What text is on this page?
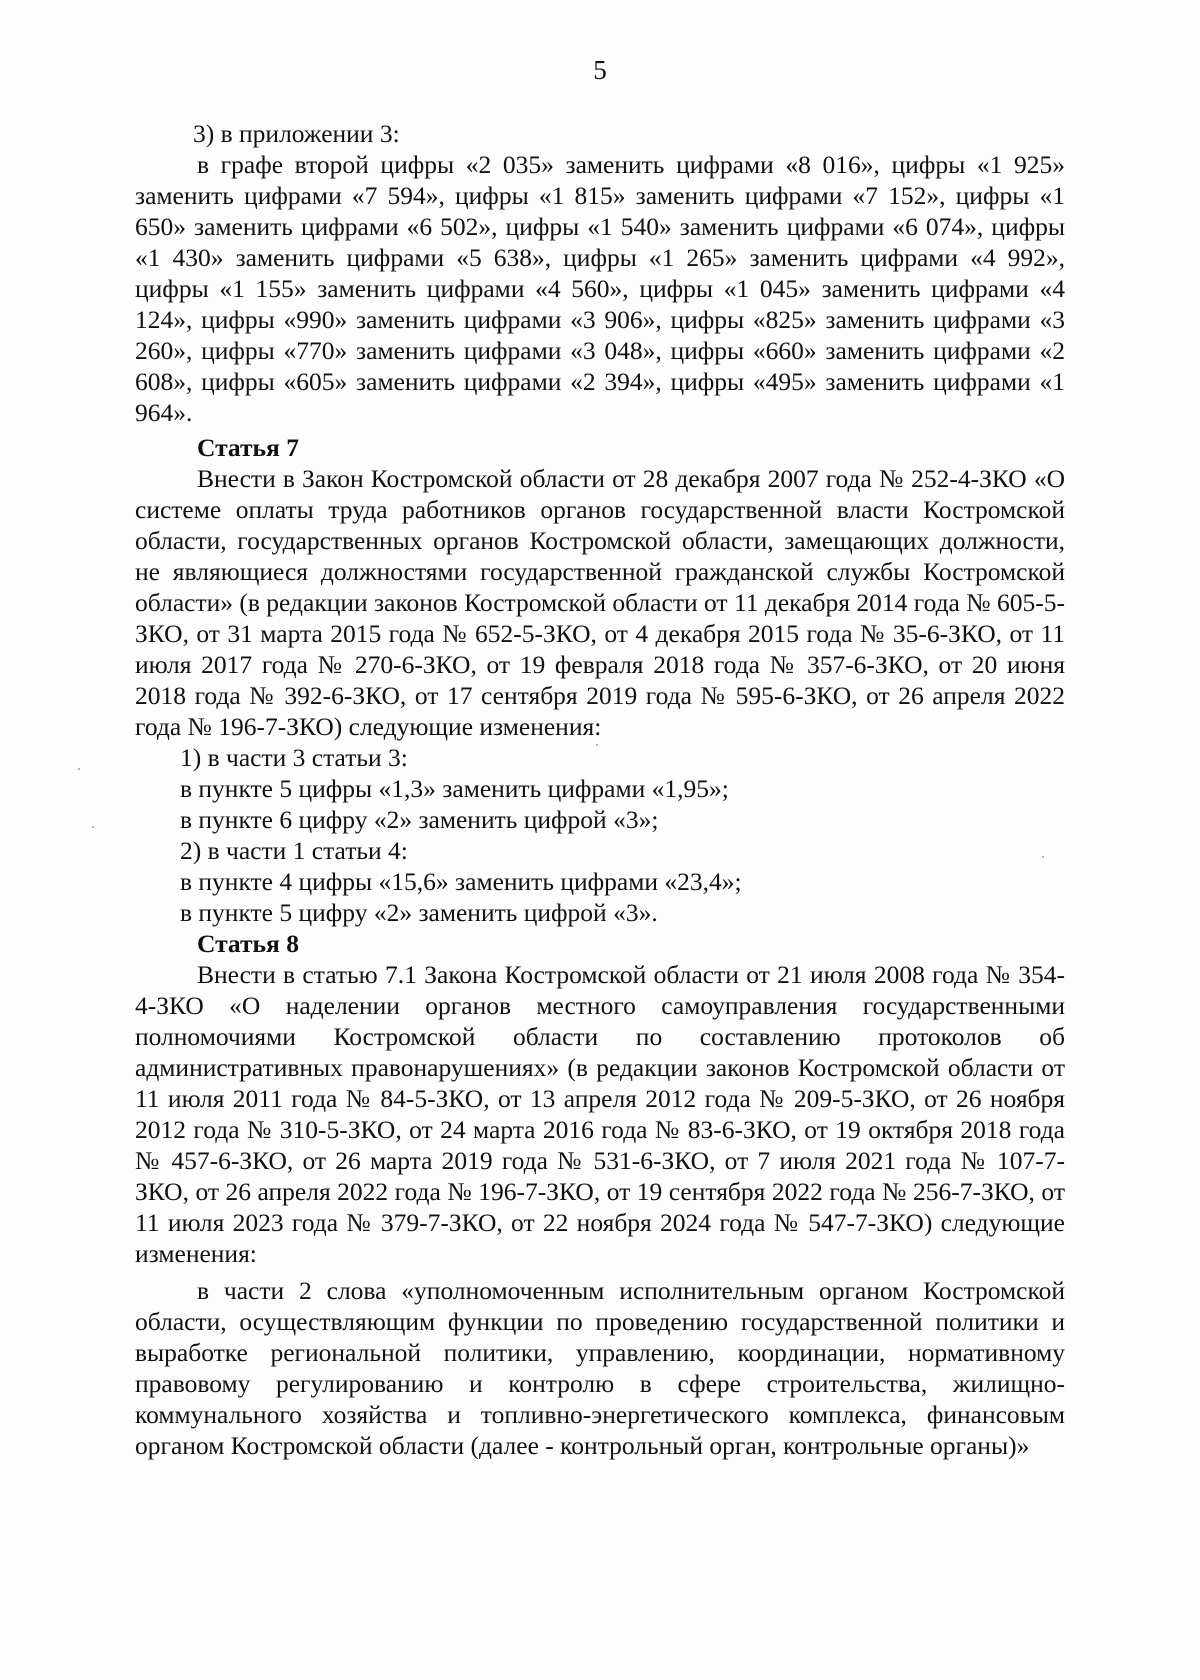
5

3) в приложении 3:

в графе второй цифры «2 035» заменить цифрами «8 016», цифры «1 925» заменить цифрами «7 594», цифры «1 815» заменить цифрами «7 152», цифры «1 650» заменить цифрами «6 502», цифры «1 540» заменить цифрами «6 074», цифры «1 430» заменить цифрами «5 638», цифры «1 265» заменить цифрами «4 992», цифры «1 155» заменить цифрами «4 560», цифры «1 045» заменить цифрами «4 124», цифры «990» заменить цифрами «3 906», цифры «825» заменить цифрами «3 260», цифры «770» заменить цифрами «3 048», цифры «660» заменить цифрами «2 608», цифры «605» заменить цифрами «2 394», цифры «495» заменить цифрами «1 964».

Статья 7

Внести в Закон Костромской области от 28 декабря 2007 года № 252-4-ЗКО «О системе оплаты труда работников органов государственной власти Костромской области, государственных органов Костромской области, замещающих должности, не являющиеся должностями государственной гражданской службы Костромской области» (в редакции законов Костромской области от 11 декабря 2014 года № 605-5-ЗКО, от 31 марта 2015 года № 652-5-ЗКО, от 4 декабря 2015 года № 35-6-ЗКО, от 11 июля 2017 года № 270-6-ЗКО, от 19 февраля 2018 года № 357-6-ЗКО, от 20 июня 2018 года № 392-6-ЗКО, от 17 сентября 2019 года № 595-6-ЗКО, от 26 апреля 2022 года № 196-7-ЗКО) следующие изменения:

1) в части 3 статьи 3:

в пункте 5 цифры «1,3» заменить цифрами «1,95»;

в пункте 6 цифру «2» заменить цифрой «3»;

2) в части 1 статьи 4:

в пункте 4 цифры «15,6» заменить цифрами «23,4»;

в пункте 5 цифру «2» заменить цифрой «3».

Статья 8

Внести в статью 7.1 Закона Костромской области от 21 июля 2008 года № 354-4-ЗКО «О наделении органов местного самоуправления государственными полномочиями Костромской области по составлению протоколов об административных правонарушениях» (в редакции законов Костромской области от 11 июля 2011 года № 84-5-ЗКО, от 13 апреля 2012 года № 209-5-ЗКО, от 26 ноября 2012 года № 310-5-ЗКО, от 24 марта 2016 года № 83-6-ЗКО, от 19 октября 2018 года № 457-6-ЗКО, от 26 марта 2019 года № 531-6-ЗКО, от 7 июля 2021 года № 107-7-ЗКО, от 26 апреля 2022 года № 196-7-ЗКО, от 19 сентября 2022 года № 256-7-ЗКО, от 11 июля 2023 года № 379-7-ЗКО, от 22 ноября 2024 года № 547-7-ЗКО) следующие изменения:

в части 2 слова «уполномоченным исполнительным органом Костромской области, осуществляющим функции по проведению государственной политики и выработке региональной политики, управлению, координации, нормативному правовому регулированию и контролю в сфере строительства, жилищно-коммунального хозяйства и топливно-энергетического комплекса, финансовым органом Костромской области (далее - контрольный орган, контрольные органы)»
